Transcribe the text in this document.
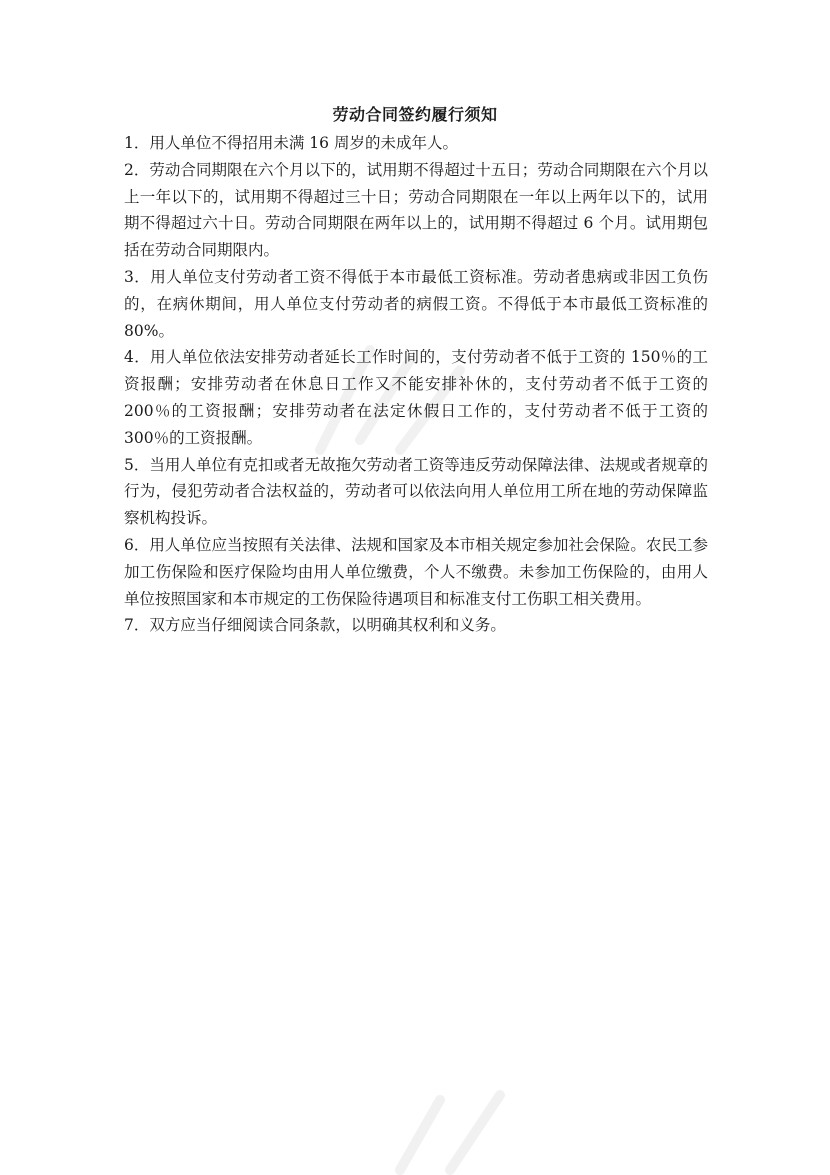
劳动合同签约履行须知

1．用人单位不得招用未满 16 周岁的未成年人。

2．劳动合同期限在六个月以下的，试用期不得超过十五日；劳动合同期限在六个月以上一年以下的，试用期不得超过三十日；劳动合同期限在一年以上两年以下的，试用期不得超过六十日。劳动合同期限在两年以上的，试用期不得超过 6 个月。试用期包括在劳动合同期限内。

3．用人单位支付劳动者工资不得低于本市最低工资标准。劳动者患病或非因工负伤的，在病休期间，用人单位支付劳动者的病假工资。不得低于本市最低工资标准的 80%。

4．用人单位依法安排劳动者延长工作时间的，支付劳动者不低于工资的 150％的工资报酬；安排劳动者在休息日工作又不能安排补休的，支付劳动者不低于工资的 200％的工资报酬；安排劳动者在法定休假日工作的，支付劳动者不低于工资的 300％的工资报酬。

5．当用人单位有克扣或者无故拖欠劳动者工资等违反劳动保障法律、法规或者规章的行为，侵犯劳动者合法权益的，劳动者可以依法向用人单位用工所在地的劳动保障监察机构投诉。

6．用人单位应当按照有关法律、法规和国家及本市相关规定参加社会保险。农民工参加工伤保险和医疗保险均由用人单位缴费，个人不缴费。未参加工伤保险的，由用人单位按照国家和本市规定的工伤保险待遇项目和标准支付工伤职工相关费用。

7．双方应当仔细阅读合同条款，以明确其权利和义务。
